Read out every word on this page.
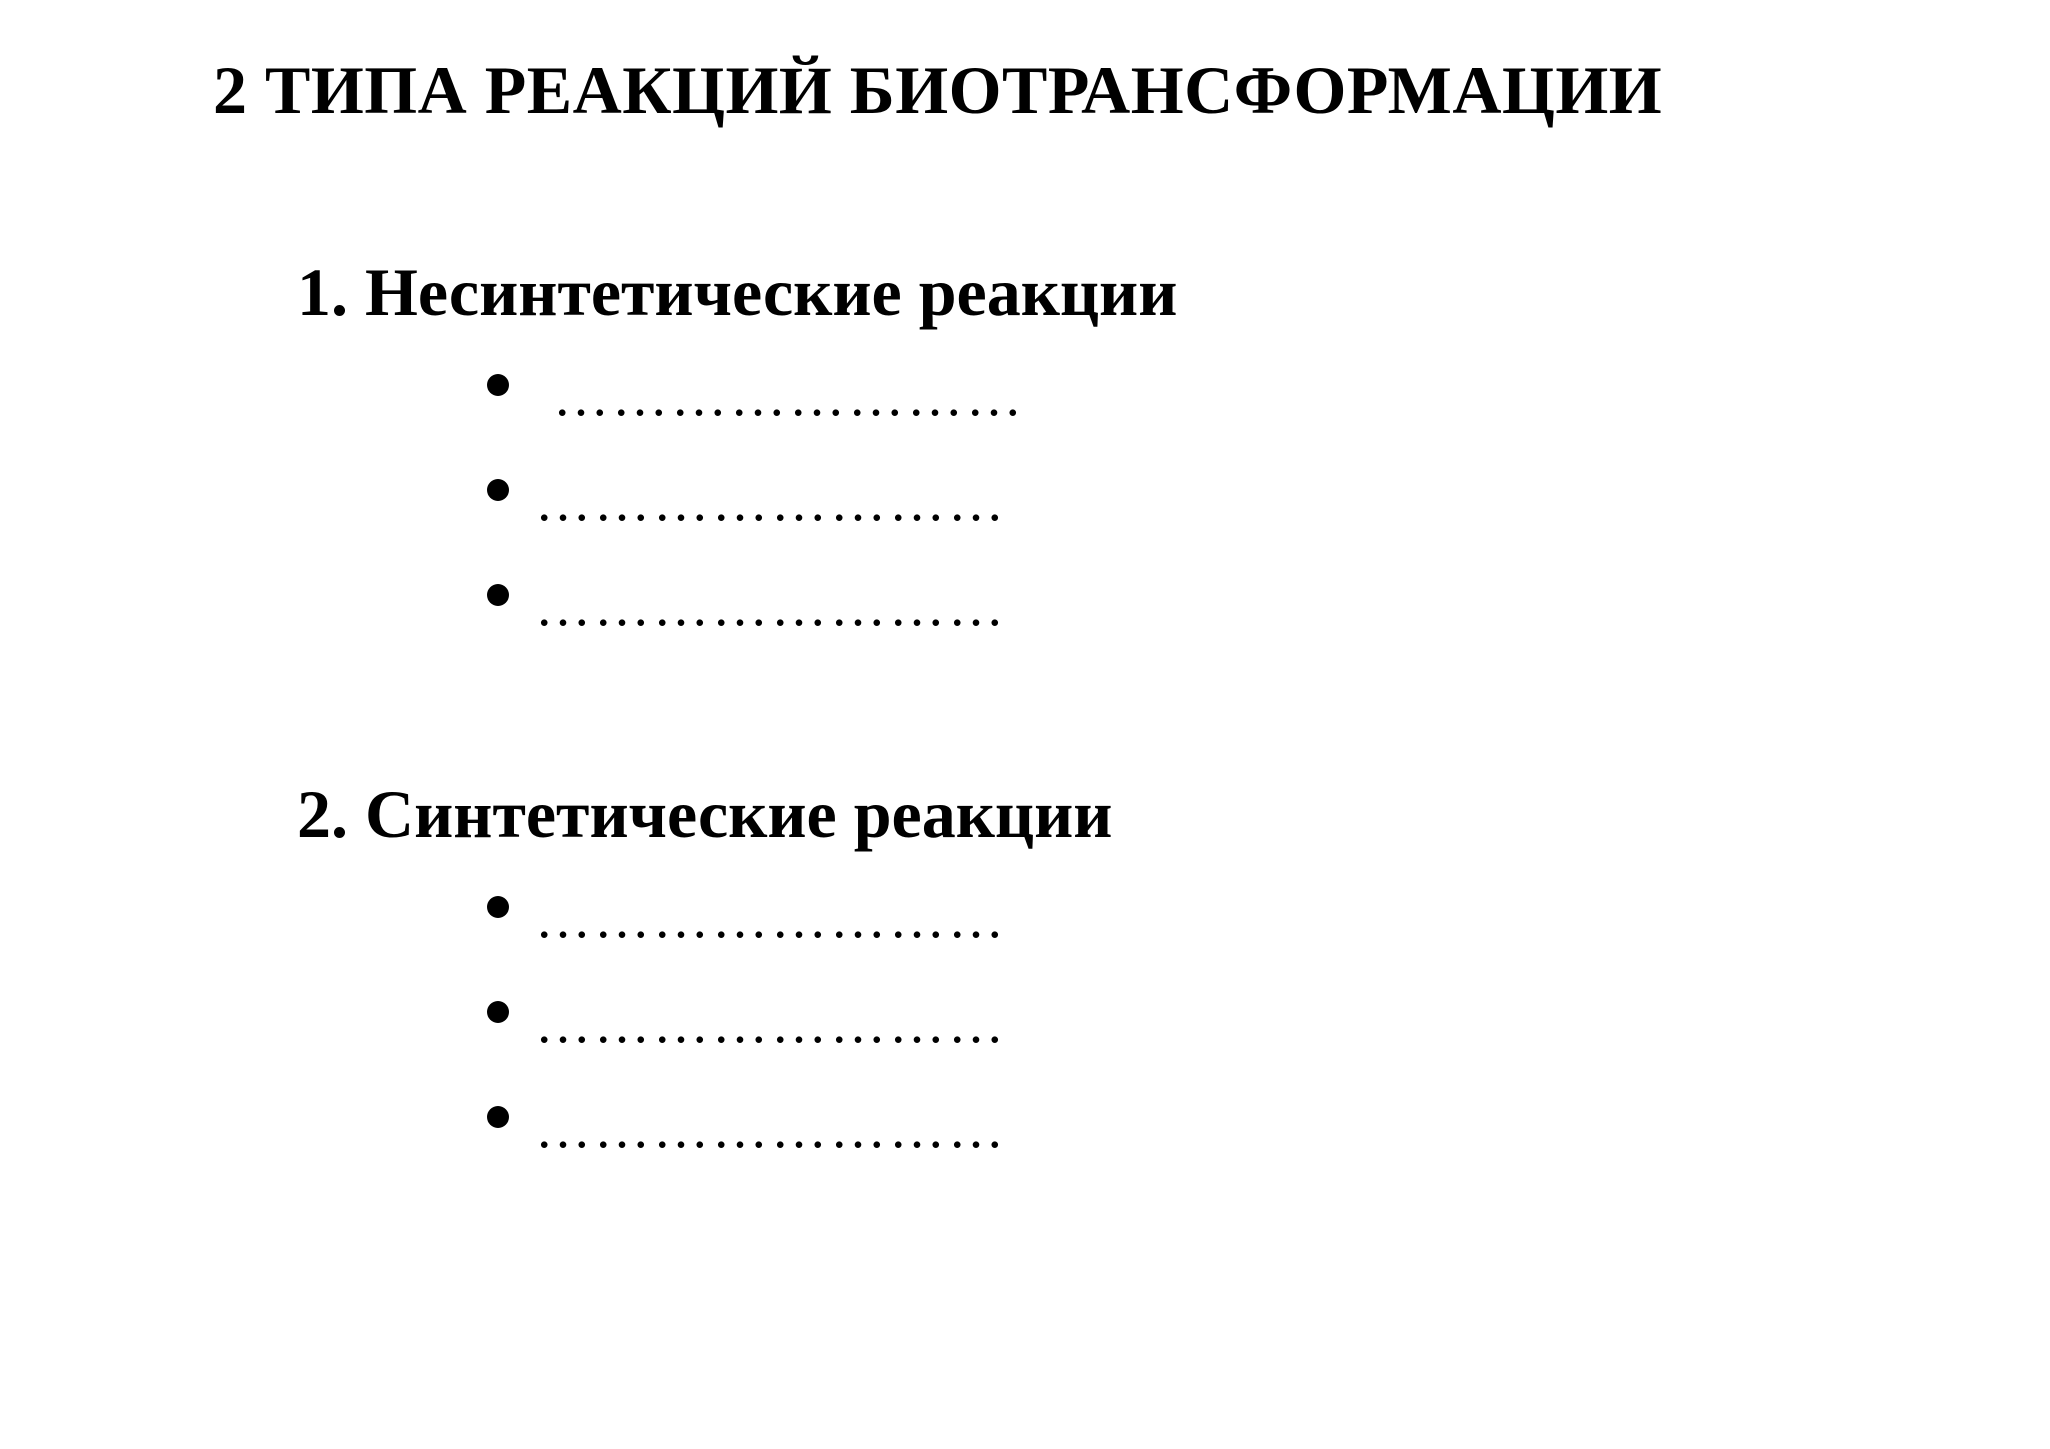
2 ТИПА РЕАКЦИЙ БИОТРАНСФОРМАЦИИ
1. Несинтетические реакции
……………………
……………………
……………………
2. Синтетические реакции
……………………
……………………
……………………
